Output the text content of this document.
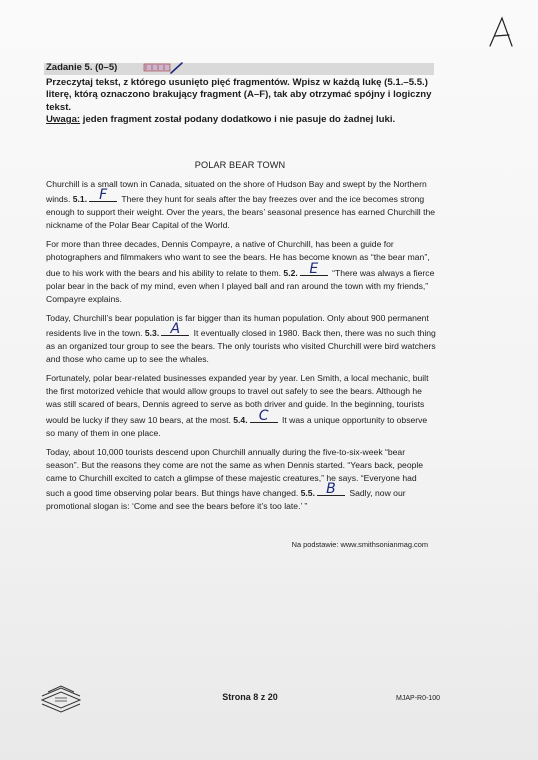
Zadanie 5. (0–5)

Przeczytaj tekst, z którego usunięto pięć fragmentów. Wpisz w każdą lukę (5.1.–5.5.) literę, którą oznaczono brakujący fragment (A–F), tak aby otrzymać spójny i logiczny tekst.

Uwaga: jeden fragment został podany dodatkowo i nie pasuje do żadnej luki.

POLAR BEAR TOWN

Churchill is a small town in Canada, situated on the shore of Hudson Bay and swept by the Northern winds. 5.1. F	There they hunt for seals after the bay freezes over and the ice becomes strong enough to support their weight. Over the years, the bears’ seasonal presence has earned Churchill the nickname of the Polar Bear Capital of the World.

For more than three decades, Dennis Compayre, a native of Churchill, has been a guide for photographers and filmmakers who want to see the bears. He has become known as “the bear man”, due to his work with the bears and his ability to relate to them. 5.2. E	“There was always a fierce polar bear in the back of my mind, even when I played ball and ran around the town with my friends,” Compayre explains.

Today, Churchill’s bear population is far bigger than its human population. Only about 900 permanent residents live in the town. 5.3. A	It eventually closed in 1980. Back then, there was no such thing as an organized tour group to see the bears. The only tourists who visited Churchill were bird watchers and those who came up to see the whales.

Fortunately, polar bear-related businesses expanded year by year. Len Smith, a local mechanic, built the first motorized vehicle that would allow groups to travel out safely to see the bears. Although he was still scared of bears, Dennis agreed to serve as both driver and guide. In the beginning, tourists would be lucky if they saw 10 bears, at the most. 5.4. C	It was a unique opportunity to observe so many of them in one place.

Today, about 10,000 tourists descend upon Churchill annually during the five-to-six-week “bear season”. But the reasons they come are not the same as when Dennis started. “Years back, people came to Churchill excited to catch a glimpse of these majestic creatures,” he says. “Everyone had such a good time observing polar bears. But things have changed. 5.5. B	Sadly, now our promotional slogan is: ‘Come and see the bears before it’s too late.’ ”

Na podstawie: www.smithsonianmag.com
Strona 8 z 20	MJAP-R0-100
